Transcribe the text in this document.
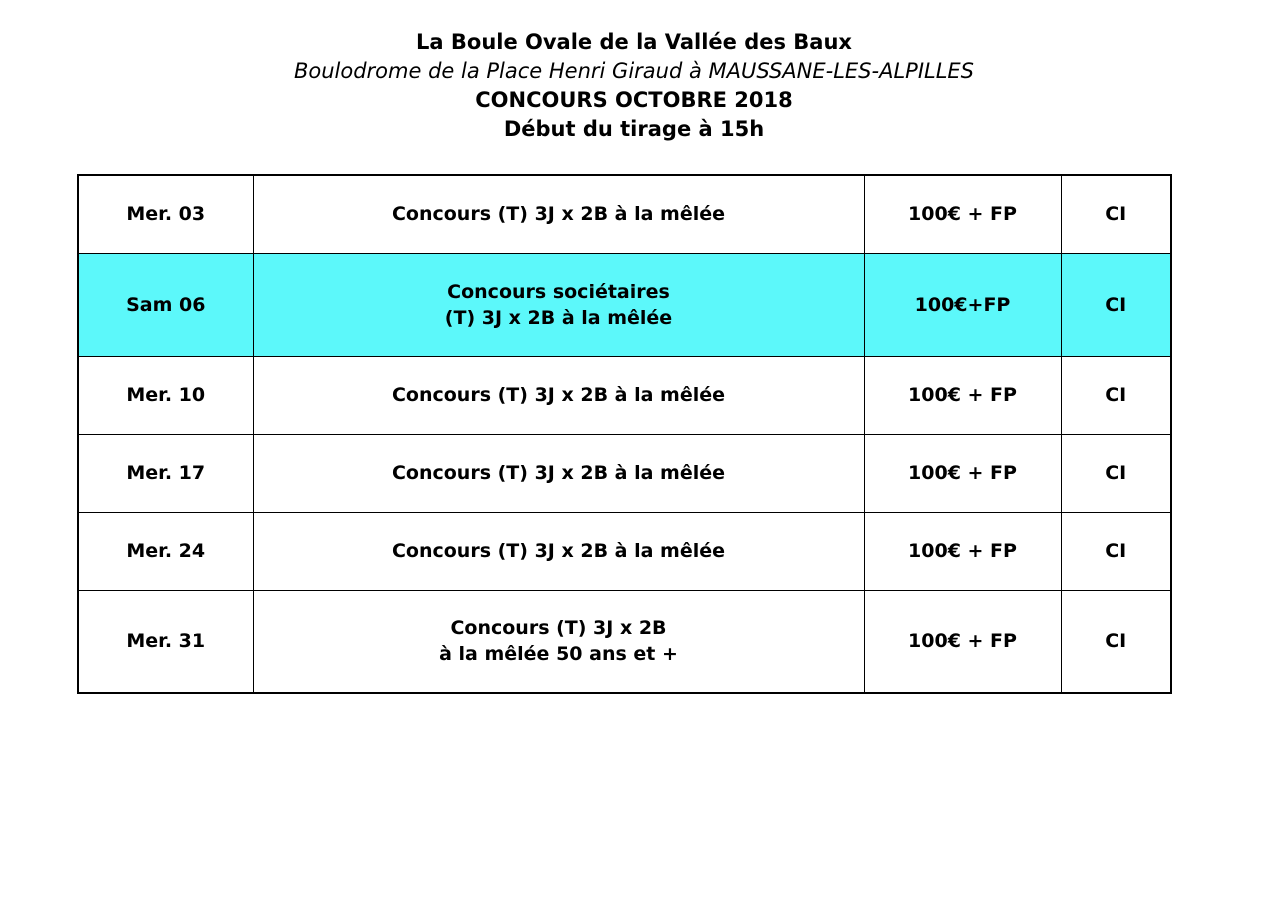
La Boule Ovale de la Vallée des Baux
Boulodrome de la Place Henri Giraud à MAUSSANE-LES-ALPILLES
CONCOURS OCTOBRE 2018
Début du tirage à 15h
Mer. 03	Concours (T) 3J x 2B à la mêlée	100€ + FP	CI
Sam 06	Concours sociétaires
(T) 3J x 2B à la mêlée	100€+FP	CI
Mer. 10	Concours (T) 3J x 2B à la mêlée	100€ + FP	CI
Mer. 17	Concours (T) 3J x 2B à la mêlée	100€ + FP	CI
Mer. 24	Concours (T) 3J x 2B à la mêlée	100€ + FP	CI
Mer. 31	Concours (T) 3J x 2B
à la mêlée 50 ans et +	100€ + FP	CI
